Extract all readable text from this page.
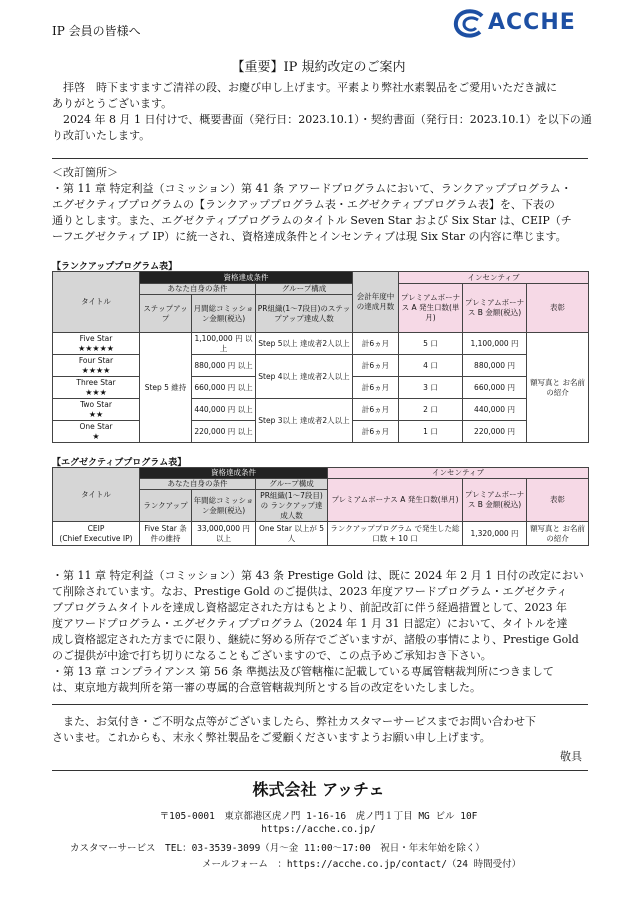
IP 会員の皆様へ	ACCHE
【重要】IP 規約改定のご案内
拝啓　時下ますますご清祥の段、お慶び申し上げます。平素より弊社水素製品をご愛用いただき誠に
ありがとうございます。
2024 年 8 月 1 日付けで、概要書面（発行日：2023.10.1）・契約書面（発行日：2023.10.1）を以下の通
り改訂いたします。
＜改訂箇所＞
・第 11 章 特定利益（コミッション）第 41 条 アワードプログラムにおいて、ランクアッププログラム・
エグゼクティブプログラムの【ランクアッププログラム表・エグゼクティブプログラム表】を、下表の
通りとします。また、エグゼクティブプログラムのタイトル Seven Star および Six Star は、CEIP（チ
ーフエグゼクティブ IP）に統一され、資格達成条件とインセンティブは現 Six Star の内容に準じます。
【ランクアッププログラム表】
タイトル	資格達成条件			会計年度中の達成月数	インセンティブ		
	あなた自身の条件		グループ構成		プレミアムボーナス A 発生口数(単月)	プレミアムボーナス B 金額(税込)	表彰
	ステップアップ	月間総コミッション金額(税込)	PR組織(1〜7段目)のステップアップ達成人数				

Five Star
★★★★★	Step 5 維持	1,100,000 円 以上	Step 5以上 達成者2人以上	計6ヵ月	5 口	1,100,000 円	額写真と お名前の紹介

Four Star
★★★★		880,000 円 以上	Step 4以上 達成者2人以上	計6ヵ月	4 口	880,000 円	

Three Star
★★★		660,000 円 以上		計6ヵ月	3 口	660,000 円	

Two Star
★★		440,000 円 以上	Step 3以上 達成者2人以上	計6ヵ月	2 口	440,000 円	

One Star
★		220,000 円 以上		計6ヵ月	1 口	220,000 円	
【エグゼクティブプログラム表】
タイトル	資格達成条件			インセンティブ		
	あなた自身の条件		グループ構成	プレミアムボーナス A 発生口数(単月)	プレミアムボーナス B 金額(税込)	表彰
	ランクアップ	年間総コミッション金額(税込)	PR組織(1〜7段目)の ランクアップ達成人数			

CEIP
(Chief Executive IP)	Five Star 条件の維持	33,000,000 円 以上	One Star 以上が 5 人	ランクアッププログラム で発生した総口数 + 10 口	1,320,000 円	額写真と お名前の紹介
・第 11 章 特定利益（コミッション）第 43 条 Prestige Gold は、既に 2024 年 2 月 1 日付の改定におい
て削除されています。なお、Prestige Gold のご提供は、2023 年度アワードプログラム・エグゼクティ
ブプログラムタイトルを達成し資格認定された方はもとより、前記改訂に伴う経過措置として、2023 年
度アワードプログラム・エグゼクティブプログラム（2024 年 1 月 31 日認定）において、タイトルを達
成し資格認定された方までに限り、継続に努める所存でございますが、諸般の事情により、Prestige Gold
のご提供が中途で打ち切りになることもございますので、この点予めご承知おき下さい。
・第 13 章 コンプライアンス 第 56 条 準拠法及び管轄権に記載している専属管轄裁判所につきまして
は、東京地方裁判所を第一審の専属的合意管轄裁判所とする旨の改定をいたしました。
また、お気付き・ご不明な点等がございましたら、弊社カスタマーサービスまでお問い合わせ下
さいませ。これからも、末永く弊社製品をご愛顧くださいますようお願い申し上げます。
敬具
株式会社 アッチェ
〒105-0001　東京都港区虎ノ門 1-16-16　虎ノ門１丁目 MG ビル 10F
https://acche.co.jp/
カスタマーサービス　TEL：03-3539-3099（月～金 11:00～17:00　祝日・年末年始を除く）
メールフォーム　：https://acche.co.jp/contact/（24 時間受付）
